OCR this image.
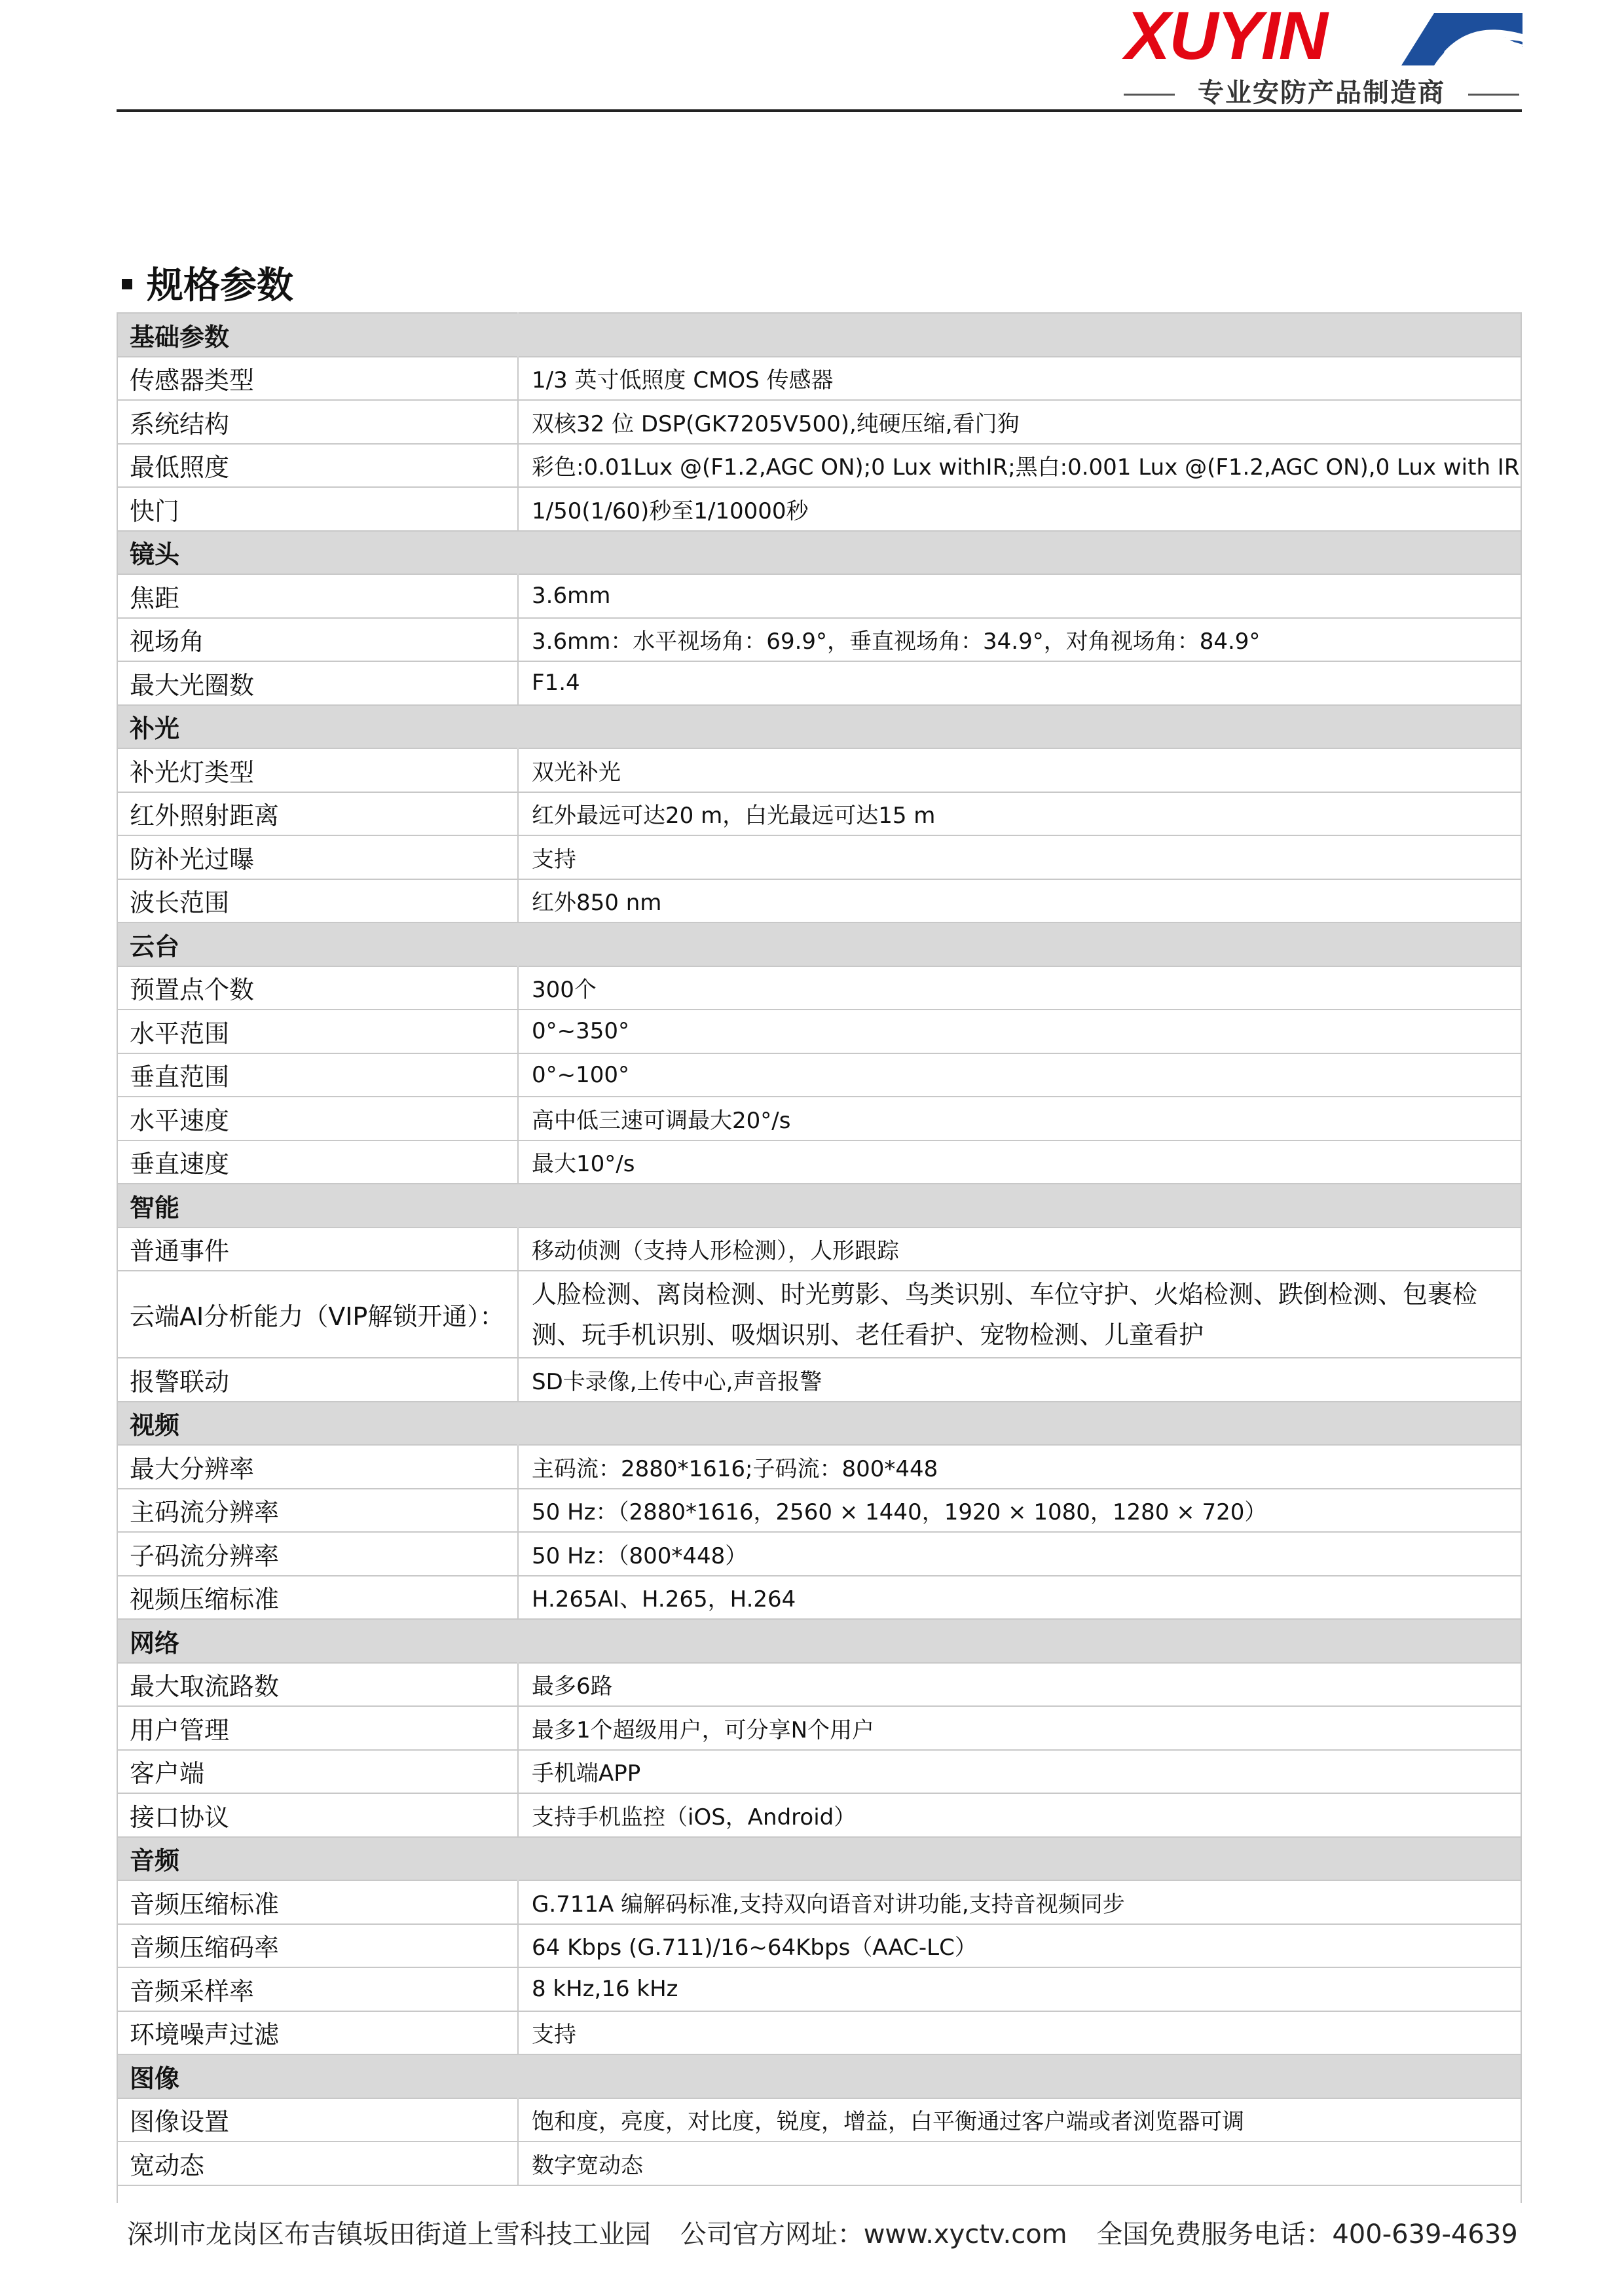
XUYIN
专业安防产品制造商
规格参数
基础参数	
传感器类型	1/3 英寸低照度 CMOS 传感器
系统结构	双核32 位 DSP(GK7205V500),纯硬压缩,看门狗
最低照度	彩色:0.01Lux @(F1.2,AGC ON);0 Lux withIR;黑白:0.001 Lux @(F1.2,AGC ON),0 Lux with IR
快门	1/50(1/60)秒至1/10000秒
镜头	
焦距	3.6mm
视场角	3.6mm：水平视场角：69.9°，垂直视场角：34.9°，对角视场角：84.9°
最大光圈数	F1.4
补光	
补光灯类型	双光补光
红外照射距离	红外最远可达20 m，白光最远可达15 m
防补光过曝	支持
波长范围	红外850 nm
云台	
预置点个数	300个
水平范围	0°~350°
垂直范围	0°~100°
水平速度	高中低三速可调最大20°/s
垂直速度	最大10°/s
智能	
普通事件	移动侦测（支持人形检测），人形跟踪
云端AI分析能力（VIP解锁开通）：	人脸检测、离岗检测、时光剪影、鸟类识别、车位守护、火焰检测、跌倒检测、包裹检测、玩手机识别、吸烟识别、老任看护、宠物检测、儿童看护
报警联动	SD卡录像,上传中心,声音报警
视频	
最大分辨率	主码流：2880*1616;子码流：800*448
主码流分辨率	50 Hz：（2880*1616，2560 × 1440，1920 × 1080，1280 × 720）
子码流分辨率	50 Hz：（800*448）
视频压缩标准	H.265AI、H.265，H.264
网络	
最大取流路数	最多6路
用户管理	最多1个超级用户，可分享N个用户
客户端	手机端APP
接口协议	支持手机监控（iOS，Android）
音频	
音频压缩标准	G.711A 编解码标准,支持双向语音对讲功能,支持音视频同步
音频压缩码率	64 Kbps (G.711)/16~64Kbps（AAC-LC）
音频采样率	8 kHz,16 kHz
环境噪声过滤	支持
图像	
图像设置	饱和度，亮度，对比度，锐度，增益，白平衡通过客户端或者浏览器可调
宽动态	数字宽动态
深圳市龙岗区布吉镇坂田街道上雪科技工业园 公司官方网址：www.xyctv.com 全国免费服务电话：400-639-4639
